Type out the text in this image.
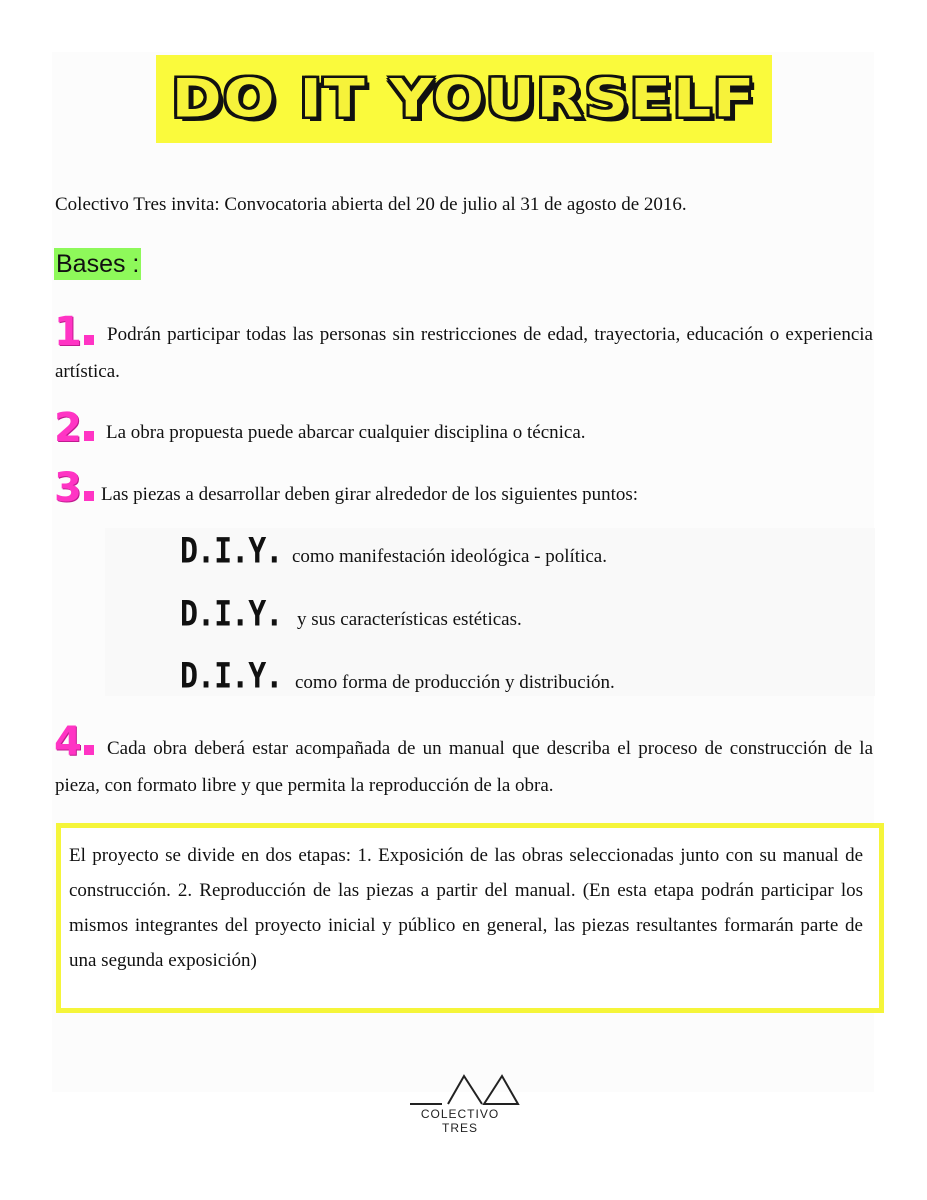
DO IT YOURSELF
Colectivo Tres invita: Convocatoria abierta del 20 de julio al 31 de agosto de 2016.
Bases :
1	Podrán participar todas las personas sin restricciones de edad, trayectoria, educación o experiencia artística.
2	La obra propuesta puede abarcar cualquier disciplina o técnica.
3	Las piezas a desarrollar deben girar alrededor de los siguientes puntos:
D.I.Y. como manifestación ideológica - política.
D.I.Y. y sus características estéticas.
D.I.Y. como forma de producción y distribución.
4	Cada obra deberá estar acompañada de un manual que describa el proceso de construcción de la pieza, con formato libre y que permita la reproducción de la obra.
El proyecto se divide en dos etapas: 1. Exposición de las obras seleccionadas junto con su manual de construcción. 2. Reproducción de las piezas a partir del manual. (En esta etapa podrán participar los mismos integrantes del proyecto inicial y público en general, las piezas resultantes formarán parte de una segunda exposición)
COLECTIVO TRES
